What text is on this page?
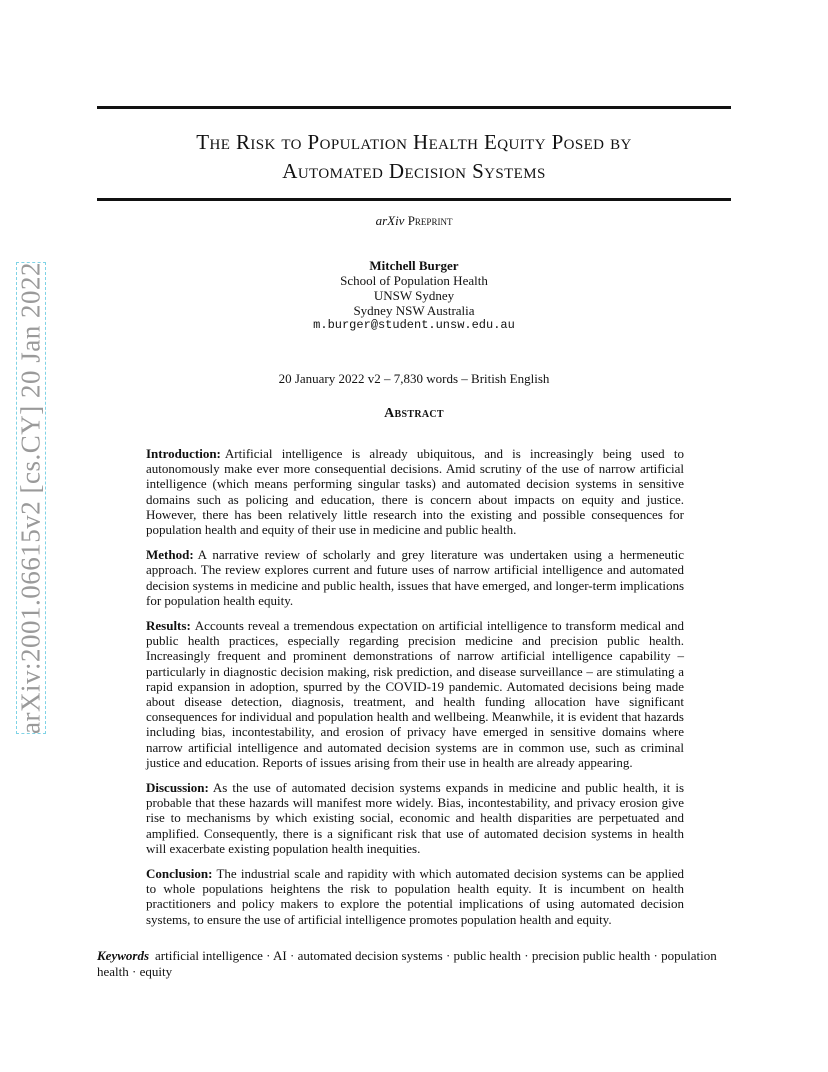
arXiv:2001.06615v2 [cs.CY] 20 Jan 2022
The Risk to Population Health Equity Posed by
Automated Decision Systems
arXiv Preprint
Mitchell Burger
School of Population Health
UNSW Sydney
Sydney NSW Australia
m.burger@student.unsw.edu.au
20 January 2022 v2 – 7,830 words – British English
Abstract

Introduction: Artificial intelligence is already ubiquitous, and is increasingly being used to autonomously make ever more consequential decisions. Amid scrutiny of the use of narrow artificial intelligence (which means performing singular tasks) and automated decision systems in sensitive domains such as policing and education, there is concern about impacts on equity and justice. However, there has been relatively little research into the existing and possible consequences for population health and equity of their use in medicine and public health.

Method: A narrative review of scholarly and grey literature was undertaken using a hermeneutic approach. The review explores current and future uses of narrow artificial intelligence and automated decision systems in medicine and public health, issues that have emerged, and longer-term implications for population health equity.

Results: Accounts reveal a tremendous expectation on artificial intelligence to transform medical and public health practices, especially regarding precision medicine and precision public health. Increasingly frequent and prominent demonstrations of narrow artificial intelligence capability – particularly in diagnostic decision making, risk prediction, and disease surveillance – are stimulating a rapid expansion in adoption, spurred by the COVID-19 pandemic. Automated decisions being made about disease detection, diagnosis, treatment, and health funding allocation have significant consequences for individual and population health and wellbeing. Meanwhile, it is evident that hazards including bias, incontestability, and erosion of privacy have emerged in sensitive domains where narrow artificial intelligence and automated decision systems are in common use, such as criminal justice and education. Reports of issues arising from their use in health are already appearing.

Discussion: As the use of automated decision systems expands in medicine and public health, it is probable that these hazards will manifest more widely. Bias, incontestability, and privacy erosion give rise to mechanisms by which existing social, economic and health disparities are perpetuated and amplified. Consequently, there is a significant risk that use of automated decision systems in health will exacerbate existing population health inequities.

Conclusion: The industrial scale and rapidity with which automated decision systems can be applied to whole populations heightens the risk to population health equity. It is incumbent on health practitioners and policy makers to explore the potential implications of using automated decision systems, to ensure the use of artificial intelligence promotes population health and equity.

Keywords artificial intelligence · AI · automated decision systems · public health · precision public health · population health · equity
